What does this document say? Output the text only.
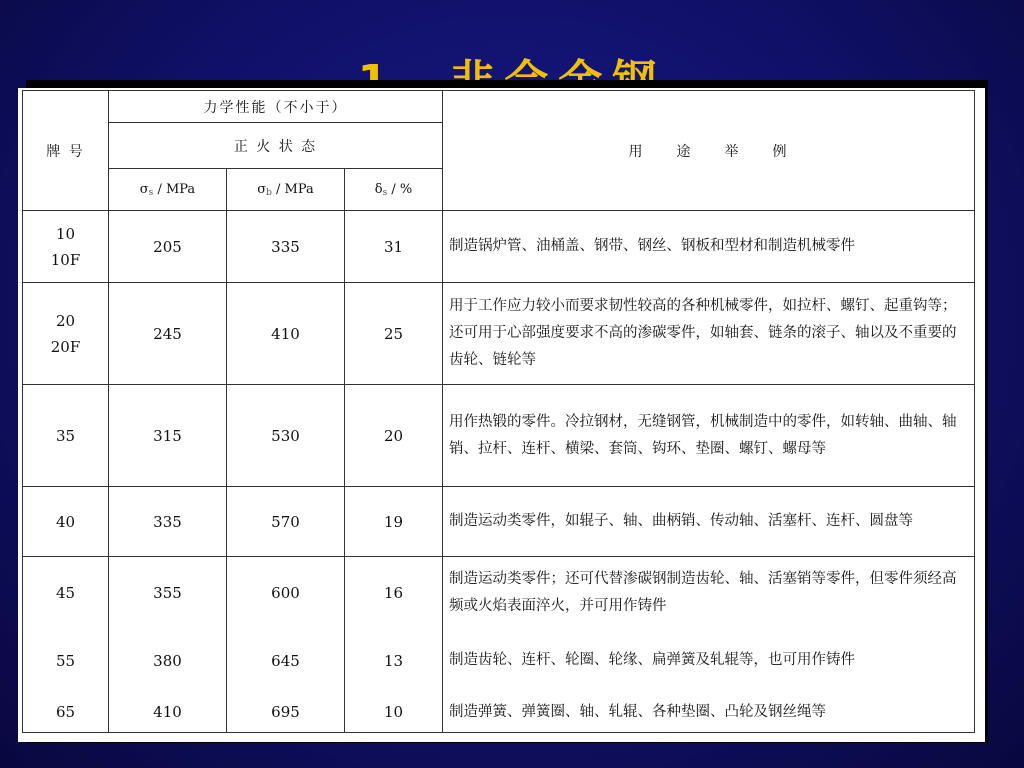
牌 号	力学性能（不小于）			用　　途　　举　　例
	正 火 状 态			
	$\sigma_s$ / MPa	$\sigma_b$ / MPa	$\delta_s$ / %	

10
10F	205	335	31	制造锅炉管、油桶盖、钢带、钢丝、钢板和型材和制造机械零件

20
20F	245	410	25	用于工作应力较小而要求韧性较高的各种机械零件，如拉杆、螺钉、起重钩等；还可用于心部强度要求不高的渗碳零件，如轴套、链条的滚子、轴以及不重要的齿轮、链轮等
35	315	530	20	用作热锻的零件。冷拉钢材，无缝钢管，机械制造中的零件，如转轴、曲轴、轴销、拉杆、连杆、横梁、套筒、钩环、垫圈、螺钉、螺母等
40	335	570	19	制造运动类零件，如辊子、轴、曲柄销、传动轴、活塞杆、连杆、圆盘等
45	355	600	16	制造运动类零件；还可代替渗碳钢制造齿轮、轴、活塞销等零件，但零件须经高频或火焰表面淬火，并可用作铸件
55	380	645	13	制造齿轮、连杆、轮圈、轮缘、扁弹簧及轧辊等，也可用作铸件
65	410	695	10	制造弹簧、弹簧圈、轴、轧辊、各种垫圈、凸轮及钢丝绳等
